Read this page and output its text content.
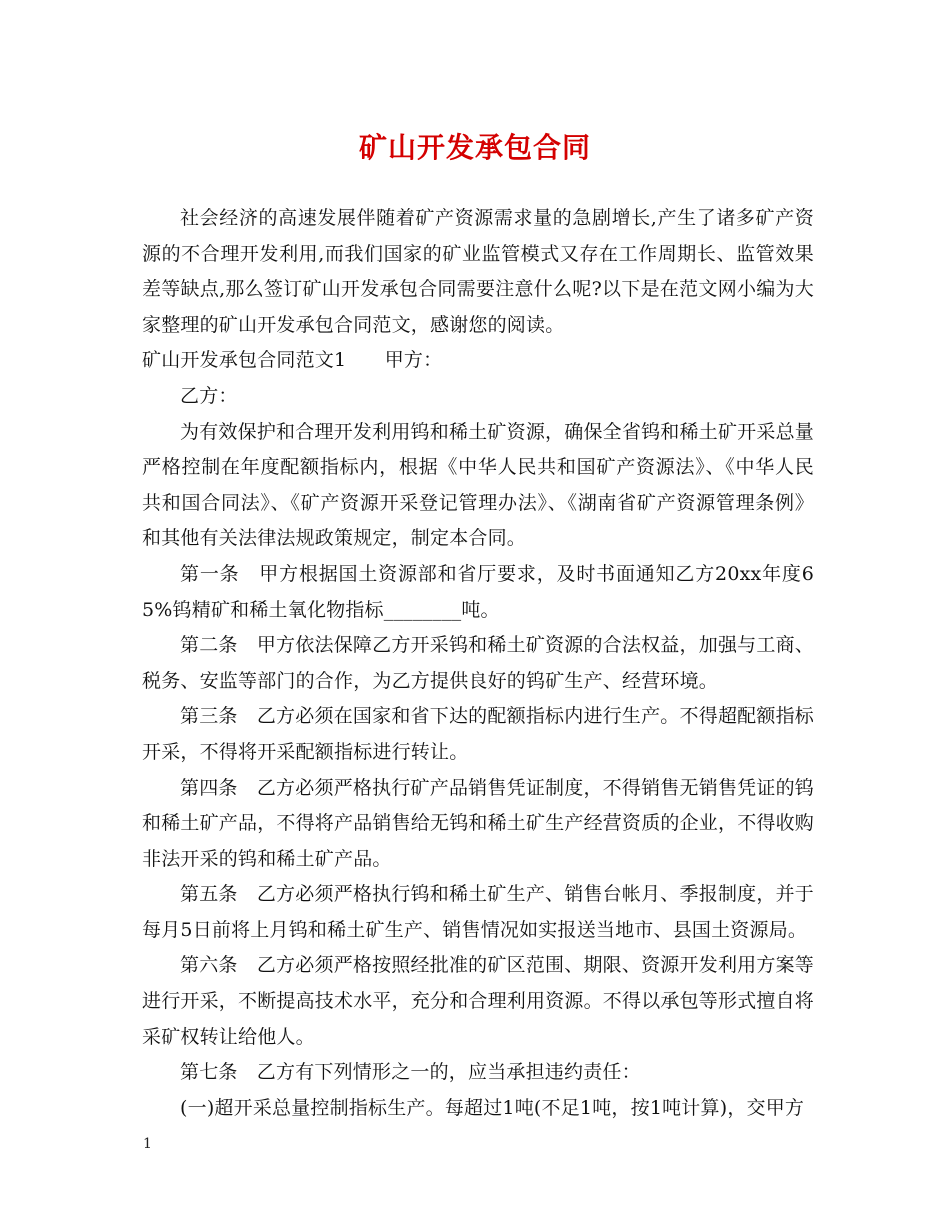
矿山开发承包合同

社会经济的高速发展伴随着矿产资源需求量的急剧增长,产生了诸多矿产资源的不合理开发利用,而我们国家的矿业监管模式又存在工作周期长、监管效果差等缺点,那么签订矿山开发承包合同需要注意什么呢?以下是在范文网小编为大家整理的矿山开发承包合同范文，感谢您的阅读。

矿山开发承包合同范文1　　甲方：

乙方：

为有效保护和合理开发利用钨和稀土矿资源，确保全省钨和稀土矿开采总量严格控制在年度配额指标内，根据《中华人民共和国矿产资源法》、《中华人民共和国合同法》、《矿产资源开采登记管理办法》、《湖南省矿产资源管理条例》和其他有关法律法规政策规定，制定本合同。

第一条　甲方根据国土资源部和省厅要求，及时书面通知乙方20xx年度65%钨精矿和稀土氧化物指标________吨。

第二条　甲方依法保障乙方开采钨和稀土矿资源的合法权益，加强与工商、税务、安监等部门的合作，为乙方提供良好的钨矿生产、经营环境。

第三条　乙方必须在国家和省下达的配额指标内进行生产。不得超配额指标开采，不得将开采配额指标进行转让。

第四条　乙方必须严格执行矿产品销售凭证制度，不得销售无销售凭证的钨和稀土矿产品，不得将产品销售给无钨和稀土矿生产经营资质的企业，不得收购非法开采的钨和稀土矿产品。

第五条　乙方必须严格执行钨和稀土矿生产、销售台帐月、季报制度，并于每月5日前将上月钨和稀土矿生产、销售情况如实报送当地市、县国土资源局。

第六条　乙方必须严格按照经批准的矿区范围、期限、资源开发利用方案等进行开采，不断提高技术水平，充分和合理利用资源。不得以承包等形式擅自将采矿权转让给他人。

第七条　乙方有下列情形之一的，应当承担违约责任：

(一)超开采总量控制指标生产。每超过1吨(不足1吨，按1吨计算)，交甲方

1
